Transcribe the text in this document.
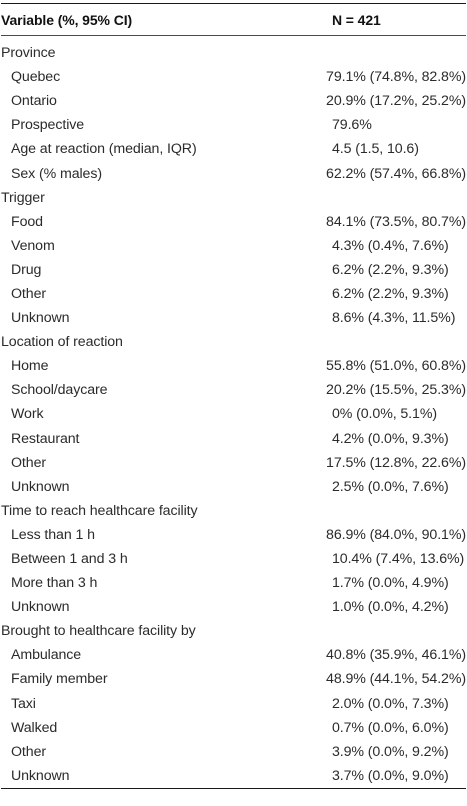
Variable (%, 95% CI)	N = 421
Province
Quebec	79.1% (74.8%, 82.8%)
Ontario	20.9% (17.2%, 25.2%)
Prospective	79.6%
Age at reaction (median, IQR)	4.5 (1.5, 10.6)
Sex (% males)	62.2% (57.4%, 66.8%)
Trigger
Food	84.1% (73.5%, 80.7%)
Venom	4.3% (0.4%, 7.6%)
Drug	6.2% (2.2%, 9.3%)
Other	6.2% (2.2%, 9.3%)
Unknown	8.6% (4.3%, 11.5%)
Location of reaction
Home	55.8% (51.0%, 60.8%)
School/daycare	20.2% (15.5%, 25.3%)
Work	0% (0.0%, 5.1%)
Restaurant	4.2% (0.0%, 9.3%)
Other	17.5% (12.8%, 22.6%)
Unknown	2.5% (0.0%, 7.6%)
Time to reach healthcare facility
Less than 1 h	86.9% (84.0%, 90.1%)
Between 1 and 3 h	10.4% (7.4%, 13.6%)
More than 3 h	1.7% (0.0%, 4.9%)
Unknown	1.0% (0.0%, 4.2%)
Brought to healthcare facility by
Ambulance	40.8% (35.9%, 46.1%)
Family member	48.9% (44.1%, 54.2%)
Taxi	2.0% (0.0%, 7.3%)
Walked	0.7% (0.0%, 6.0%)
Other	3.9% (0.0%, 9.2%)
Unknown	3.7% (0.0%, 9.0%)
